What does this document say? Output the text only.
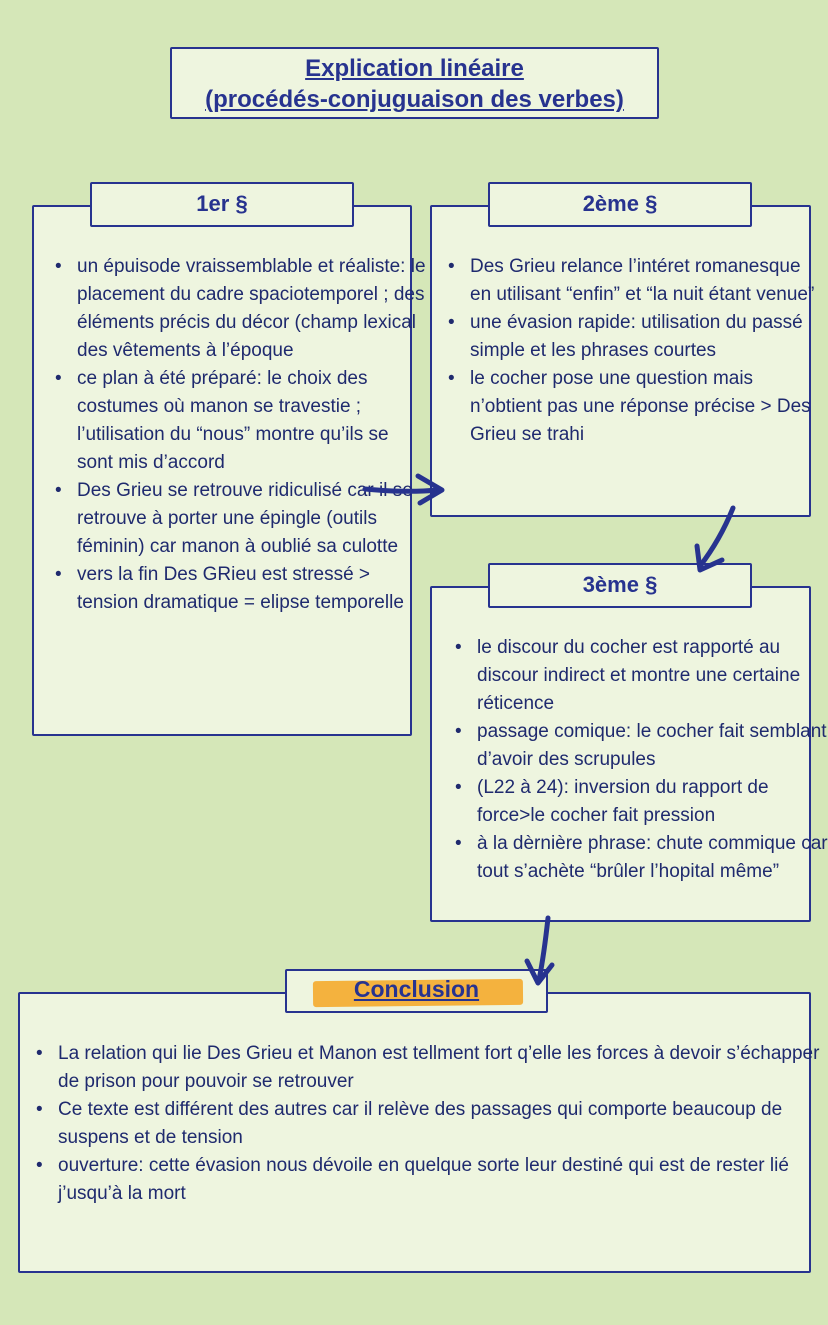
Explication linéaire
(procédés-conjuguaison des verbes)
1er §
• un épuisode vraissemblable et réaliste: le placement du cadre spaciotemporel ; des éléments précis du décor (champ lexical des vêtements à l’époque
• ce plan à été préparé: le choix des costumes où manon se travestie ; l’utilisation du “nous” montre qu’ils se sont mis d’accord
• Des Grieu se retrouve ridiculisé car il se retrouve à porter une épingle (outils féminin) car manon à oublié sa culotte
• vers la fin Des GRieu est stressé > tension dramatique = elipse temporelle
2ème §
• Des Grieu relance l’intéret romanesque en utilisant “enfin” et “la nuit étant venue”
• une évasion rapide: utilisation du passé simple et les phrases courtes
• le cocher pose une question mais n’obtient pas une réponse précise > Des Grieu se trahi
3ème §
• le discour du cocher est rapporté au discour indirect et montre une certaine réticence
• passage comique: le cocher fait semblant d’avoir des scrupules
• (L22 à 24): inversion du rapport de force>le cocher fait pression
• à la dèrnière phrase: chute commique car tout s’achète “brûler l’hopital même”
Conclusion
• La relation qui lie Des Grieu et Manon est tellment fort q’elle les forces à devoir s’échapper de prison pour pouvoir se retrouver
• Ce texte est différent des autres car il relève des passages qui comporte beaucoup de suspens et de tension
• ouverture: cette évasion nous dévoile en quelque sorte leur destiné qui est de rester lié j’usqu’à la mort
